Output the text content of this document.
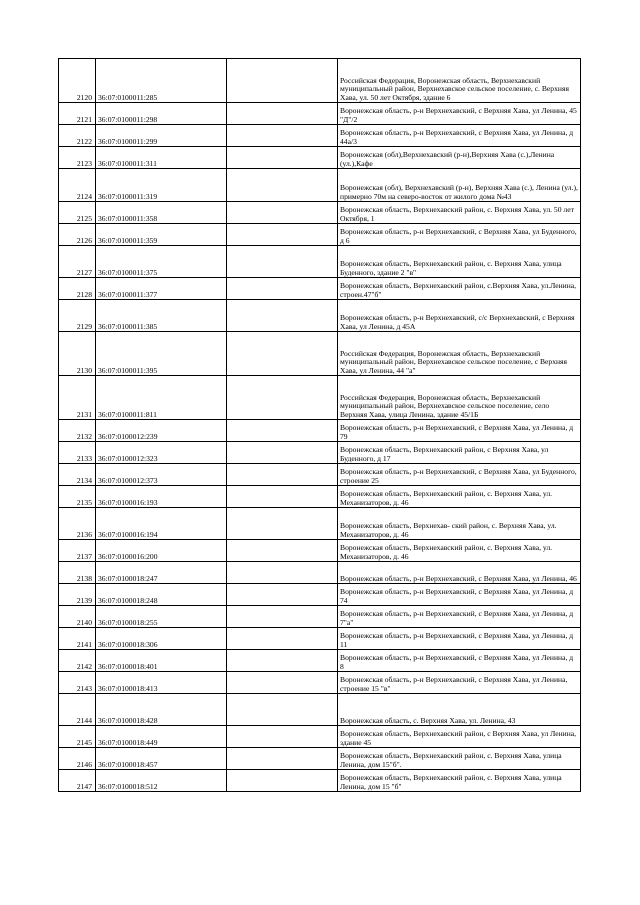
2120	36:07:0100011:285		Российская Федерация, Воронежская область, Верхнехавский муниципальный район, Верхнехавское сельское поселение, с. Верхняя Хава, ул. 50 лет Октября, здание 6
2121	36:07:0100011:298		Воронежская область, р-н Верхнехавский, с Верхняя Хава, ул Ленина, 45 "Д"/2
2122	36:07:0100011:299		Воронежская область, р-н Верхнехавский, с Верхняя Хава, ул Ленина, д 44а/3
2123	36:07:0100011:311		Воронежская (обл),Верхнехавский (р-н),Верхняя Хава (с.),Ленина (ул.),Кафе
2124	36:07:0100011:319		Воронежская (обл), Верхнехавский (р-н), Верхняя Хава (с.), Ленина (ул.), примерно 70м на северо-восток от жилого дома №43
2125	36:07:0100011:358		Воронежская область, Верхнехавский район, с. Верхняя Хава, ул. 50 лет Октября, 1
2126	36:07:0100011:359		Воронежская область, р-н Верхнехавский, с Верхняя Хава, ул Буденного, д 6
2127	36:07:0100011:375		Воронежская область, Верхнехавский район, с. Верхняя Хава, улица Буденного, здание 2 "в"
2128	36:07:0100011:377		Воронежская область, Верхнехавский район, с.Верхняя Хава, ул.Ленина, строен.47"б"
2129	36:07:0100011:385		Воронежская область, р-н Верхнехавский, с/с Верхнехавский, с Верхняя Хава, ул Ленина, д 45А
2130	36:07:0100011:395		Российская Федерация, Воронежская область, Верхнехавский муниципальный район, Верхнехавское сельское поселение, с Верхняя Хава, ул Ленина, 44 "а"
2131	36:07:0100011:811		Российская Федерация, Воронежская область, Верхнехавский муниципальный район, Верхнехавское сельское поселение, село Верхняя Хава, улица Ленина, здание 45/1Б
2132	36:07:0100012:239		Воронежская область, р-н Верхнехавский, с Верхняя Хава, ул Ленина, д 79
2133	36:07:0100012:323		Воронежская область, Верхнехавский район, с Верхняя Хава, ул Буденного, д 17
2134	36:07:0100012:373		Воронежская область, р-н Верхнехавский, с Верхняя Хава, ул Буденного, строение 25
2135	36:07:0100016:193		Воронежская область, Верхнехавский район, с. Верхняя Хава, ул. Механизаторов, д. 46
2136	36:07:0100016:194		Воронежская область, Верхнехав- ский район, с. Верхняя Хава, ул. Механизаторов, д. 46
2137	36:07:0100016:200		Воронежская область, Верхнехавский район, с. Верхняя Хава, ул. Механизаторов, д. 46
2138	36:07:0100018:247		Воронежская область, р-н Верхнехавский, с Верхняя Хава, ул Ленина, 46
2139	36:07:0100018:248		Воронежская область, р-н Верхнехавский, с Верхняя Хава, ул Ленина, д 74
2140	36:07:0100018:255		Воронежская область, р-н Верхнехавский, с Верхняя Хава, ул Ленина, д 7"а"
2141	36:07:0100018:306		Воронежская область, р-н Верхнехавский, с Верхняя Хава, ул Ленина, д 11
2142	36:07:0100018:401		Воронежская область, р-н Верхнехавский, с Верхняя Хава, ул Ленина, д 8
2143	36:07:0100018:413		Воронежская область, р-н Верхнехавский, с Верхняя Хава, ул Ленина, строение 15 "в"
2144	36:07:0100018:428		Воронежская область, с. Верхняя Хава, ул. Ленина, 43
2145	36:07:0100018:449		Воронежская область, Верхнехавский район, с Верхняя Хава, ул Ленина, здание 45
2146	36:07:0100018:457		Воронежская область, Верхнехавский район, с. Верхняя Хава, улица Ленина, дом 15"б".
2147	36:07:0100018:512		Воронежская область, Верхнехавский район, с. Верхняя Хава, улица Ленина, дом 15 "б"
